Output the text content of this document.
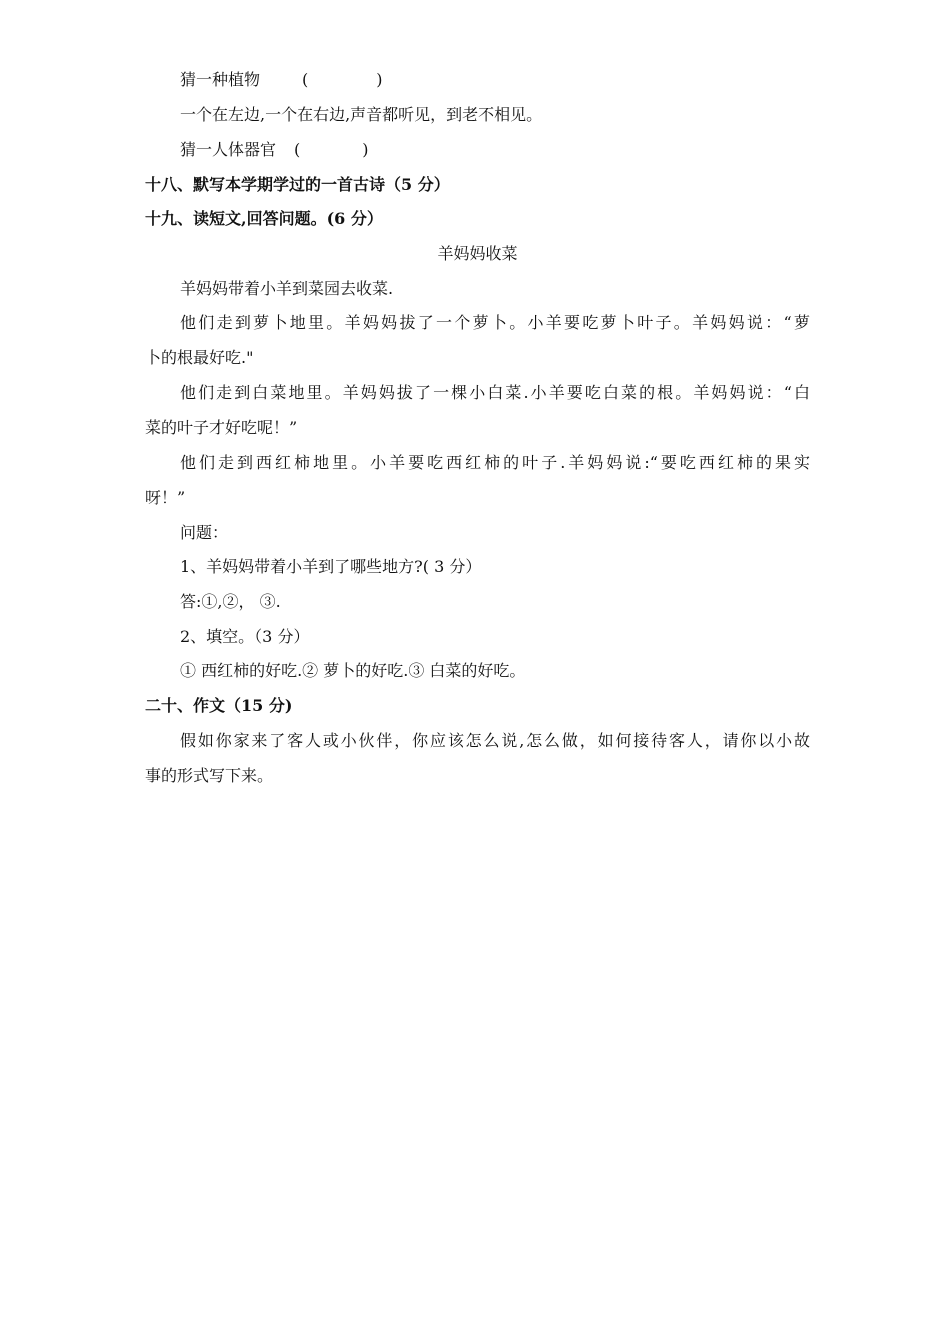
猜一种植物	(	)
一个在左边,一个在右边,声音都听见，到老不相见。
猜一人体器官 (	)
十八、默写本学期学过的一首古诗（5 分）
十九、读短文,回答问题。(6 分）
羊妈妈收菜
羊妈妈带着小羊到菜园去收菜.
他们走到萝卜地里。羊妈妈拔了一个萝卜。小羊要吃萝卜叶子。羊妈妈说：“萝
卜的根最好吃."
他们走到白菜地里。羊妈妈拔了一棵小白菜.小羊要吃白菜的根。羊妈妈说：“白
菜的叶子才好吃呢！”
他们走到西红柿地里。小羊要吃西红柿的叶子.羊妈妈说:“要吃西红柿的果实
呀！”
问题：
1、羊妈妈带着小羊到了哪些地方?( 3 分）
答:①,②， ③.
2、填空。（3 分）
① 西红柿的好吃.② 萝卜的好吃.③ 白菜的好吃。
二十、作文（15 分)
假如你家来了客人或小伙伴，你应该怎么说,怎么做，如何接待客人，请你以小故
事的形式写下来。
